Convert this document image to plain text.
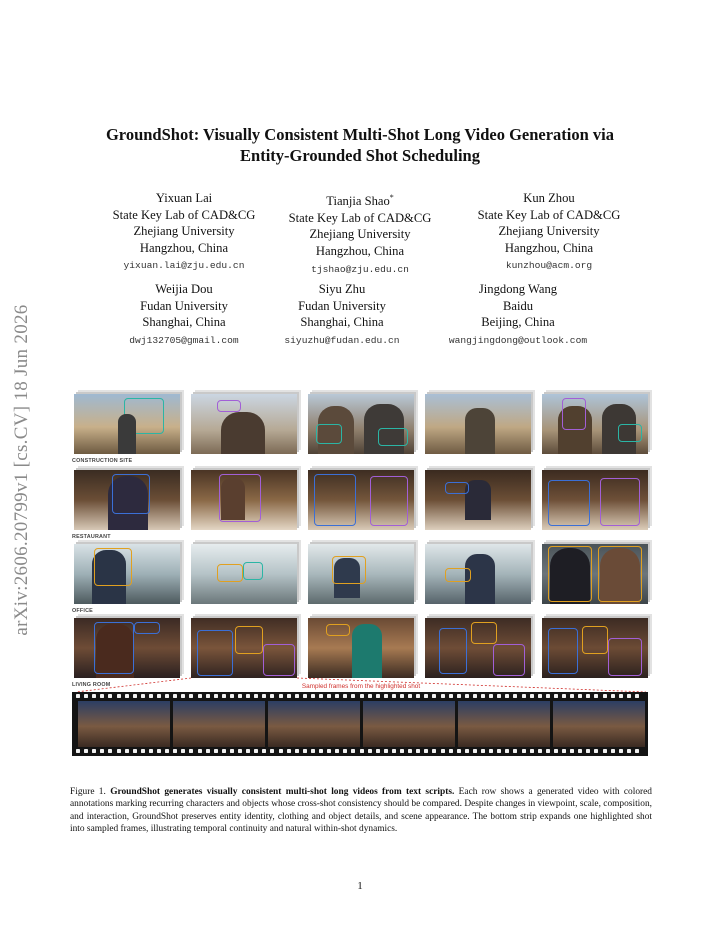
arXiv:2606.20799v1 [cs.CV] 18 Jun 2026
GroundShot: Visually Consistent Multi-Shot Long Video Generation via
Entity-Grounded Shot Scheduling
Yixuan Lai
State Key Lab of CAD&CG
Zhejiang University
Hangzhou, China
yixuan.lai@zju.edu.cn
Tianjia Shao*
State Key Lab of CAD&CG
Zhejiang University
Hangzhou, China
tjshao@zju.edu.cn
Kun Zhou
State Key Lab of CAD&CG
Zhejiang University
Hangzhou, China
kunzhou@acm.org
Weijia Dou
Fudan University
Shanghai, China
dwj132705@gmail.com
Siyu Zhu
Fudan University
Shanghai, China
siyuzhu@fudan.edu.cn
Jingdong Wang
Baidu
Beijing, China
wangjingdong@outlook.com
CONSTRUCTION SITE
RESTAURANT
OFFICE
LIVING ROOM	Sampled frames from the highlighted shot
Figure 1. GroundShot generates visually consistent multi-shot long videos from text scripts. Each row shows a generated video with colored annotations marking recurring characters and objects whose cross-shot consistency should be compared. Despite changes in viewpoint, scale, composition, and interaction, GroundShot preserves entity identity, clothing and object details, and scene appearance. The bottom strip expands one highlighted shot into sampled frames, illustrating temporal continuity and natural within-shot dynamics.
1
